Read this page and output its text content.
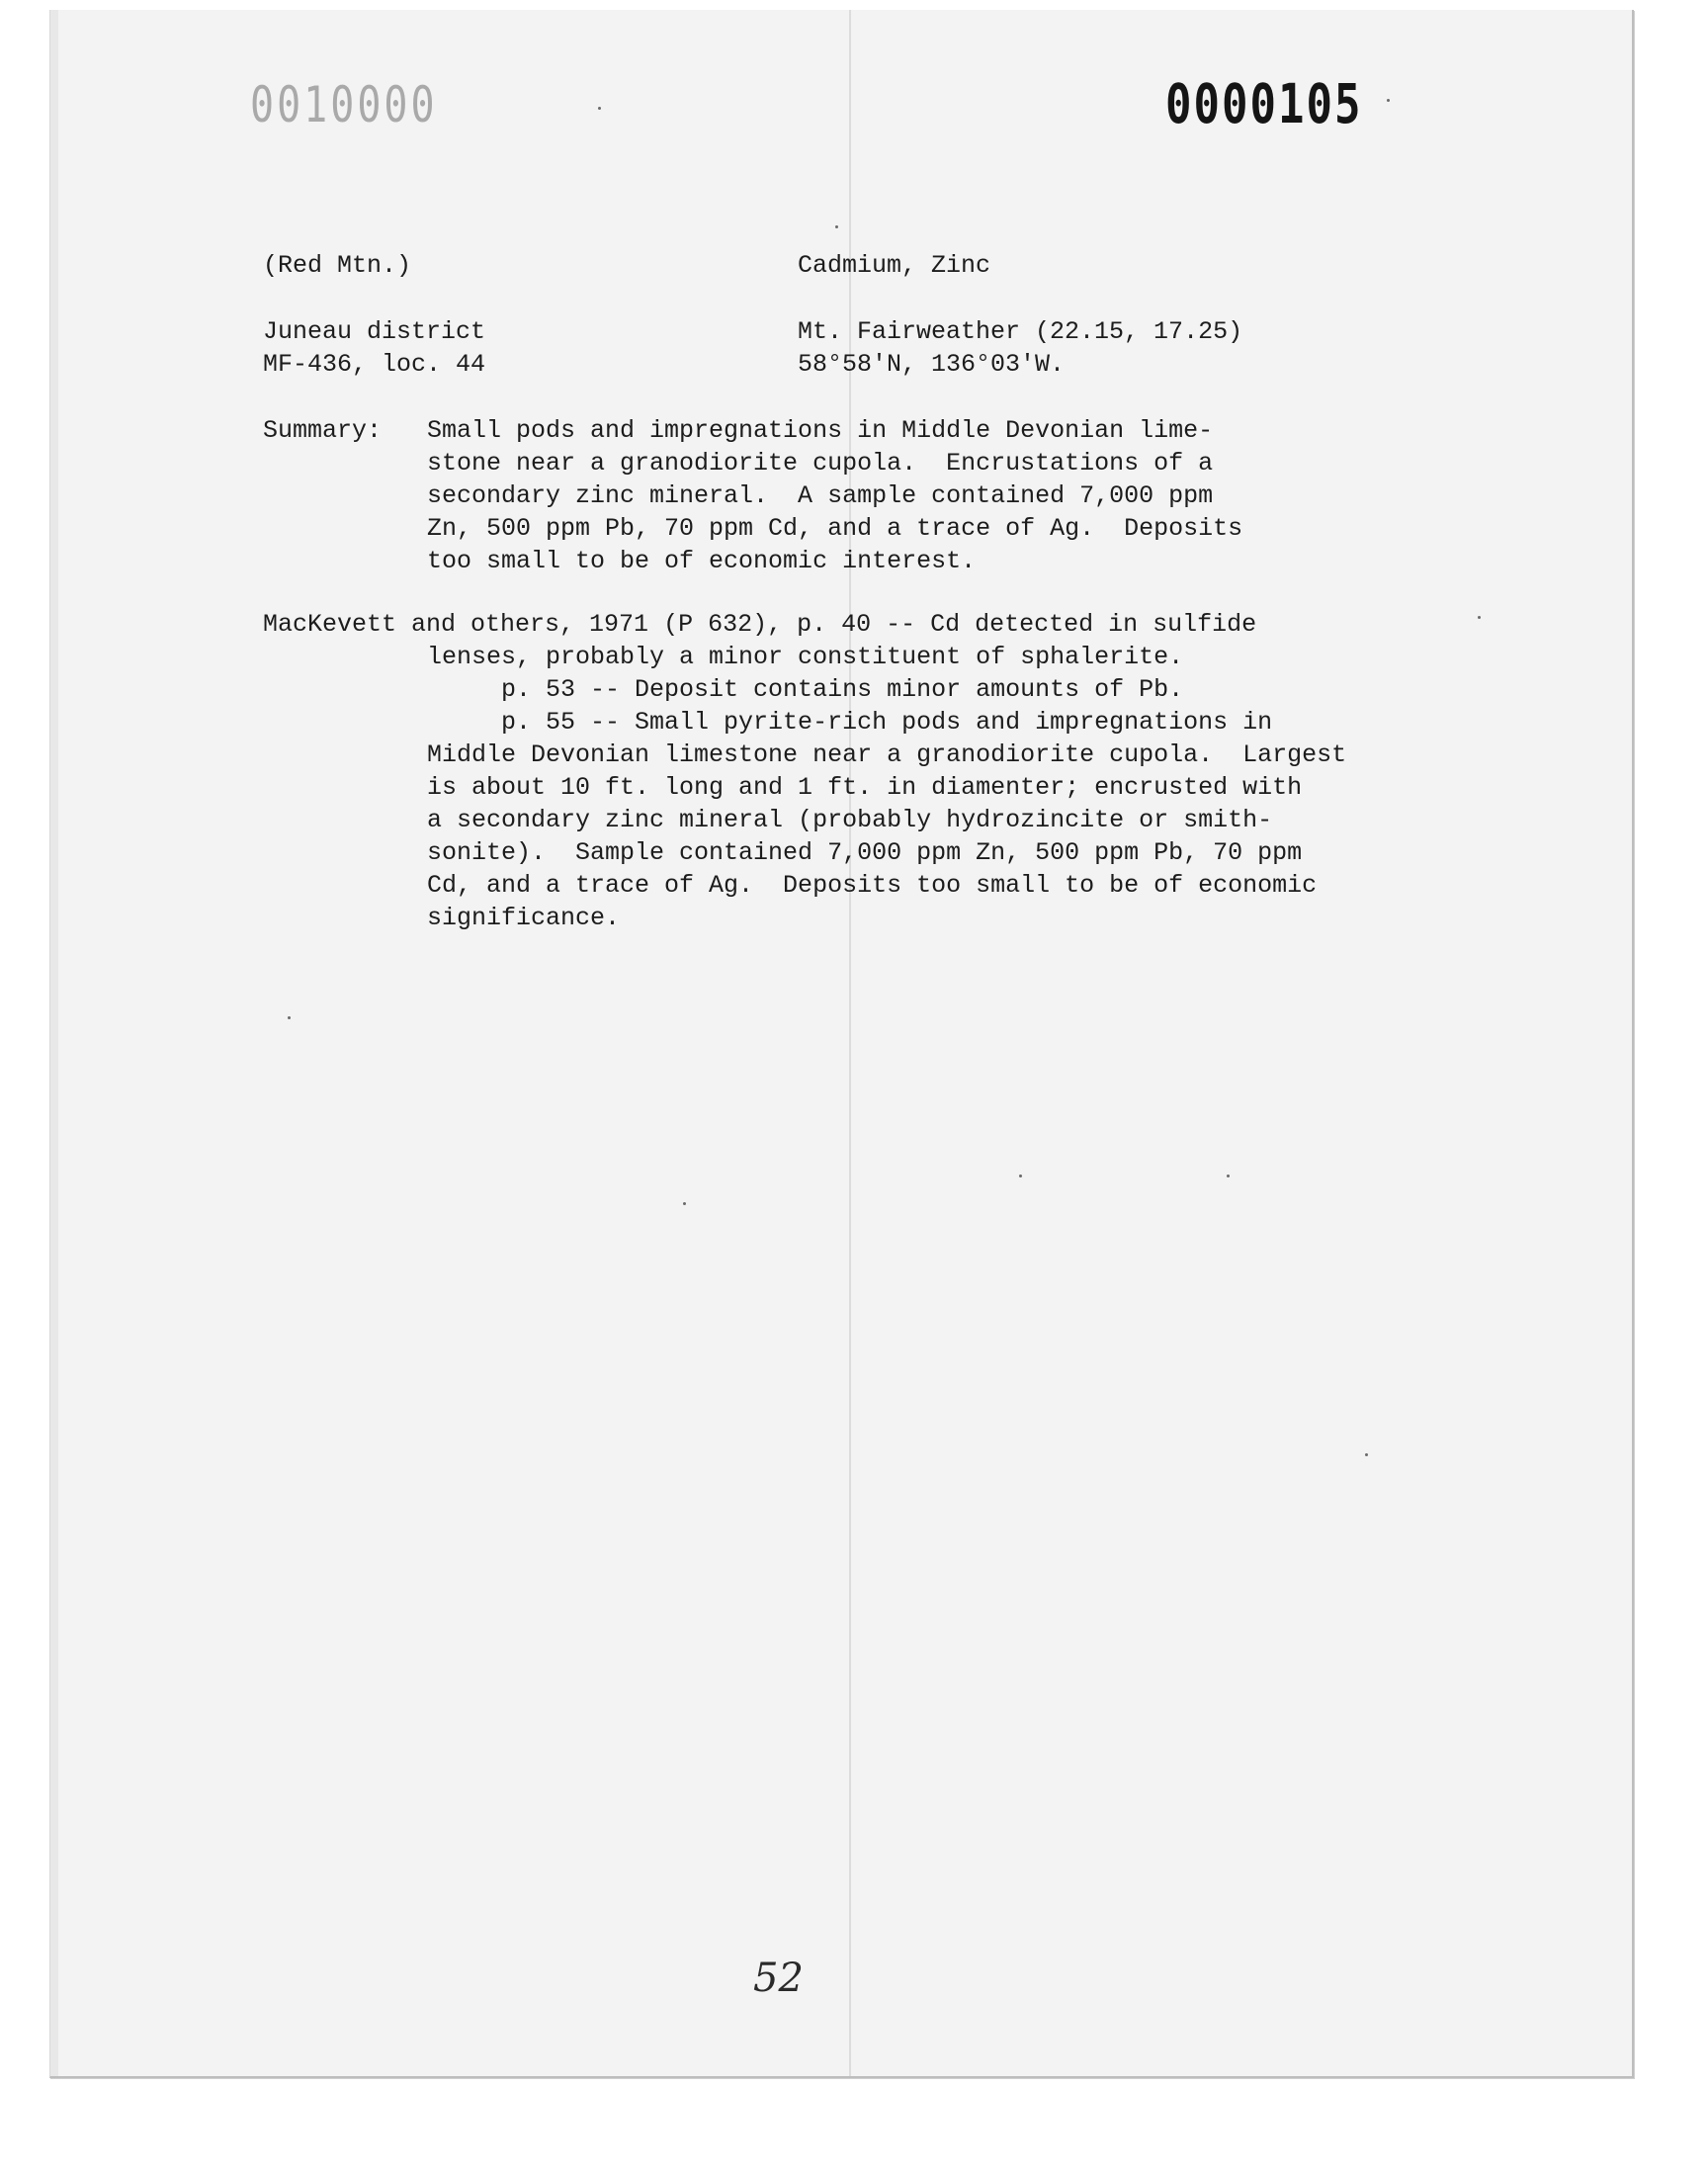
0010000	0000105
(Red Mtn.)	Cadmium, Zinc
Juneau district
MF-436, loc. 44
Mt. Fairweather (22.15, 17.25)
58°58'N, 136°03'W.
Summary: Small pods and impregnations in Middle Devonian lime-
stone near a granodiorite cupola.  Encrustations of a
secondary zinc mineral.  A sample contained 7,000 ppm
Zn, 500 ppm Pb, 70 ppm Cd, and a trace of Ag.  Deposits
too small to be of economic interest.
MacKevett and others, 1971 (P 632), p. 40 -- Cd detected in sulfide
lenses, probably a minor constituent of sphalerite.
p. 53 -- Deposit contains minor amounts of Pb.
p. 55 -- Small pyrite-rich pods and impregnations in
Middle Devonian limestone near a granodiorite cupola.  Largest
is about 10 ft. long and 1 ft. in diamenter; encrusted with
a secondary zinc mineral (probably hydrozincite or smith-
sonite).  Sample contained 7,000 ppm Zn, 500 ppm Pb, 70 ppm
Cd, and a trace of Ag.  Deposits too small to be of economic
significance.
52
